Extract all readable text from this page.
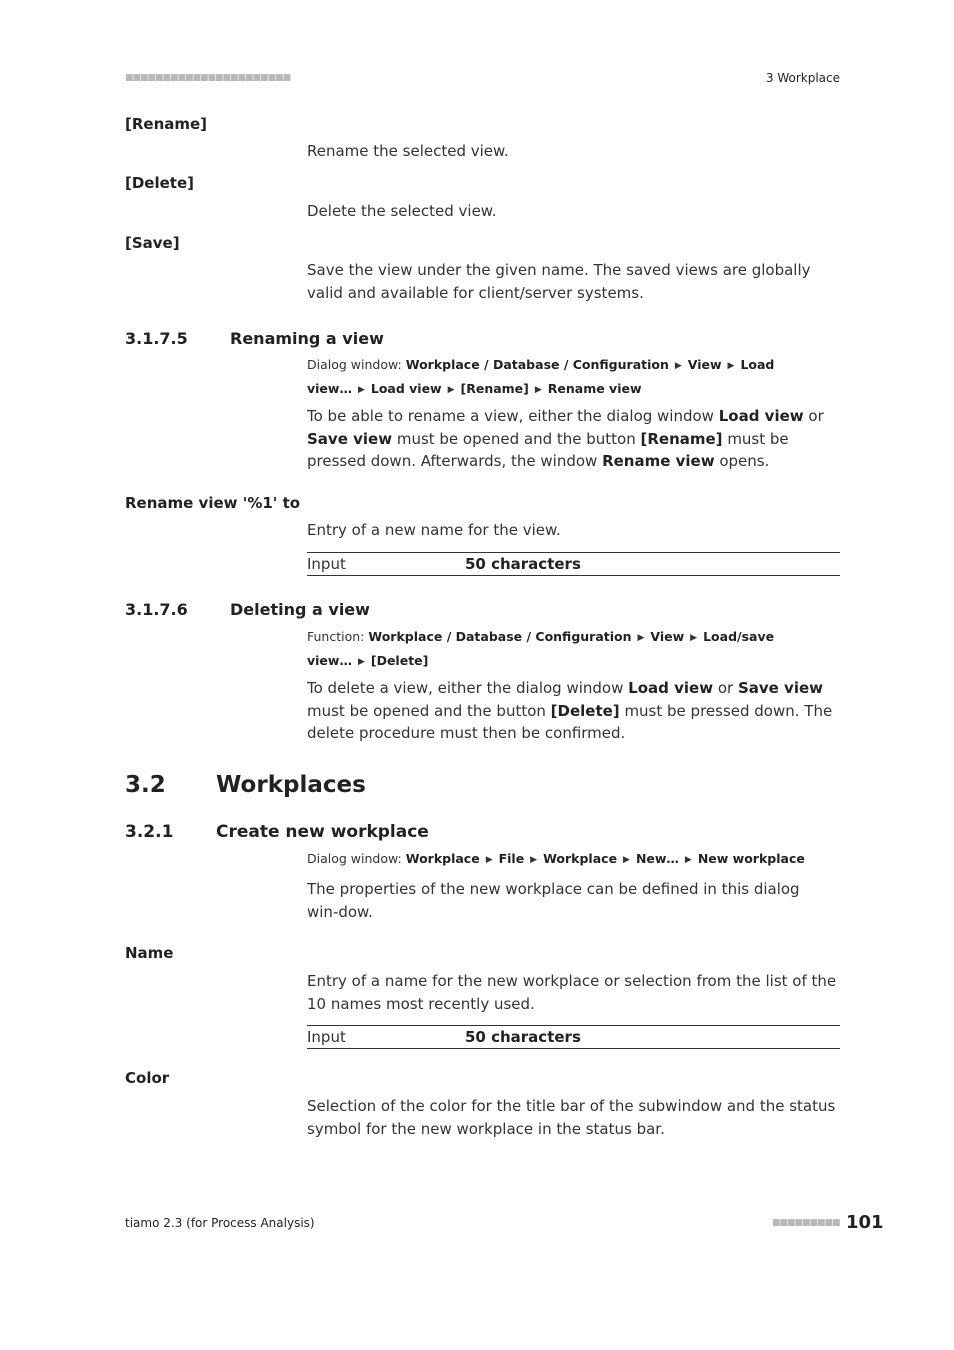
■■■■■■■■■■■■■■■■■■■■■■	3 Workplace
[Rename]
Rename the selected view.
[Delete]
Delete the selected view.
[Save]
Save the view under the given name. The saved views are globally valid and available for client/server systems.
3.1.7.5	Renaming a view
Dialog window: Workplace / Database / Configuration ▶ View ▶ Load
view… ▶ Load view ▶ [Rename] ▶ Rename view
To be able to rename a view, either the dialog window Load view or Save view must be opened and the button [Rename] must be pressed down. Afterwards, the window Rename view opens.
Rename view '%1' to
Entry of a new name for the view.
Input	50 characters
3.1.7.6	Deleting a view
Function: Workplace / Database / Configuration ▶ View ▶ Load/save
view… ▶ [Delete]
To delete a view, either the dialog window Load view or Save view must be opened and the button [Delete] must be pressed down. The delete procedure must then be confirmed.
3.2 Workplaces
3.2.1	Create new workplace
Dialog window: Workplace ▶ File ▶ Workplace ▶ New… ▶ New workplace
The properties of the new workplace can be defined in this dialog win-dow.
Name
Entry of a name for the new workplace or selection from the list of the 10 names most recently used.
Input	50 characters
Color
Selection of the color for the title bar of the subwindow and the status symbol for the new workplace in the status bar.
tiamo 2.3 (for Process Analysis)	■■■■■■■■■ 101
